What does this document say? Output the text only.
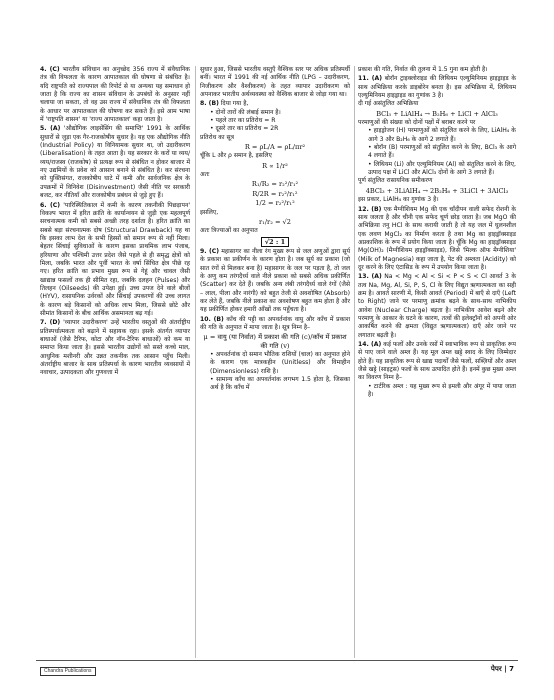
4. (C) भारतीय संविधान का अनुच्छेद 356 राज्य में संवैधानिक तंत्र की विफलता के कारण आपातकाल की घोषणा से संबंधित है। यदि राष्ट्रपति को राज्यपाल की रिपोर्ट से या अन्यथा यह समाधान हो जाता है कि राज्य का शासन संविधान के उपबंधों के अनुसार नहीं चलाया जा सकता, तो वह उस राज्य में संवैधानिक तंत्र की विफलता के आधार पर आपातकाल की घोषणा कर सकते हैं। इसे आम भाषा में 'राष्ट्रपति शासन' या 'राज्य आपातकाल' कहा जाता है।

5. (A) 'औद्योगिक लाइसेंसिंग की समाप्ति' 1991 के आर्थिक सुधारों से जुड़ा एक गैर-राजकोषीय सुधार है। यह एक औद्योगिक नीति (Industrial Policy) या विनियामक सुधार था, जो उदारीकरण (Liberalisation) के तहत आता है। यह सरकार के करों या व्यय/व्यय/राजस्व (राजकोष) से प्रत्यक्ष रूप से संबंधित न होकर बाजार में नए उद्यमियों के प्रवेश को आसान बनाने से संबंधित है। कर संरचना को युक्तिसंगत, राजकोषीय घाटे में कमी और सार्वजनिक क्षेत्र के उपक्रमों में विनिवेश (Disinvestment) जैसी नीति पर सरकारी बजट, कर नीतियाँ और राजकोषीय प्रबंधन से जुड़े हुए हैं।

6. (C) 'पारिस्थितिकाल में कमी के कारण तकनीकी पिछड़ापन' विकल्प भारत में हरित क्रांति के कार्यान्वयन से जुड़ी एक महत्वपूर्ण सरचनात्मक कमी को सबसे अच्छी तरह दर्शाता है। हरित क्रांति का सबसे बड़ा संरचनात्मक दोष (Structural Drawback) यह था कि इसका लाभ देश के सभी हिस्सों को समान रूप से नहीं मिला। बेहतर सिंचाई सुविधाओं के कारण इसका प्राथमिक लाभ पंजाब, हरियाणा और पश्चिमी उत्तर प्रदेश जैसे पहले से ही समृद्ध क्षेत्रों को मिला, जबकि भारत और पूर्वी भारत के वर्षा सिंचित क्षेत्र पीछे रह गए। हरित क्रांति का प्रभाव मुख्य रूप से गेहूं और चावल जैसी खाद्यान्न फसलों तक ही सीमित रहा, जबकि दलहन (Pulses) और तिलहन (Oilseeds) की उपेक्षा हुई। उच्च उपज देने वाले बीजों (HYV), रासायनिक उर्वरकों और सिंचाई उपकरणों की उच्च लागत के कारण बड़े किसानों को अधिक लाभ मिला, जिससे छोटे और सीमांत किसानों के बीच आर्थिक असमानता बढ़ गई।

7. (D) 'व्यापार उदारीकरण' उन्हें भारतीय वस्तुओं की अंतर्राष्ट्रीय प्रतिस्पर्धात्मकता को बढ़ाने में सहायक रहा। इसके अंतर्गत व्यापार बाधाओं (जैसे टैरिफ, कोटा और नॉन-टैरिफ बाधाओं) को कम या समाप्त किया जाता है। इससे भारतीय उद्योगों को सस्ते कच्चे माल, आधुनिक मशीनरी और उन्नत तकनीक तक आसान पहुँच मिली। अंतर्राष्ट्रीय बाजार के साथ प्रतिस्पर्धा के कारण भारतीय व्यवसायों में नवाचार, उत्पादकता और गुणवत्ता में

सुधार हुआ, जिससे भारतीय वस्तुएँ वैश्विक स्तर पर अधिक प्रतिस्पर्धी बनीं। भारत में 1991 की नई आर्थिक नीति (LPG – उदारीकरण, निजीकरण और वैश्वीकरण) के तहत व्यापार उदारीकरण को अपनाकर भारतीय अर्थव्यवस्था को वैश्विक बाजार से जोड़ा गया था।

8. (B) दिया गया है,
• दोनों तारों की लंबाई समान है।
• पहले तार का प्रतिरोध = R
• दूसरे तार का प्रतिरोध = 2R
प्रतिरोध का सूत्र
R = ρL/A = ρL/πr²
चूँकि L और ρ समान है, इसलिए
R ∝ 1/r²
अतः
R₁/R₂ = r₂²/r₁²
R/2R = r₂²/r₁²
1/2 = r₂²/r₁²
इसलिए,
r₁/r₂ = √2
अतः त्रिज्याओं का अनुपात
√2 : 1

9. (C) महासागर का नीला रंग मुख्य रूप से जल अणुओं द्वारा सूर्य के प्रकाश का प्रकीर्णन के कारण होता है। जब सूर्य का प्रकाश (जो सात रंगों से मिलकर बना है) महासागर के जल पर पड़ता है, तो जल के अणु कम तरंगदैर्ध्य वाले नीले प्रकाश को सबसे अधिक प्रकीर्णित (Scatter) कर देते हैं। जबकि अन्य लंबी तरंगदैर्ध्य वाले रंगों (जैसे – लाल, पीला और नारंगी) को बहुत तेजी से अवशोषित (Absorb) कर लेते हैं, जबकि नीले प्रकाश का अवशोषण बहुत कम होता है और यह प्रकीर्णित होकर हमारी आँखों तक पहुँचता है।

10. (B) काँच की पट्टी का अपवर्तनांक वायु और काँच में प्रकाश की गति के अनुपात में मापा जाता है। सूत्र निम्न है–
μ = वायु (या निर्वात) में प्रकाश की गति (c)/काँच में प्रकाश की गति (v)
• अपवर्तनांक दो समान भौतिक राशियों (चाल) का अनुपात होने के कारण एक मात्रकहीन (Unitless) और विमाहीन (Dimensionless) राशि है।
• सामान्य काँच का अपवर्तनांक लगभग 1.5 होता है, जिसका अर्थ है कि काँच में

प्रकाश की गति, निर्वात की तुलना में 1.5 गुना कम होती है।

11. (A) बोरॉन ट्राइक्लोराइड की लिथियम एल्युमिनियम हाइड्राइड के साथ अभिक्रिया करके डाइबोरेन बनता है। इस अभिक्रिया में, लिथियम एल्युमिनियम हाइड्राइड का गुणांक 3 है।
दी गई असंतुलित अभिक्रिया
BCl₃ + LiAlH₄ → B₂H₆ + LiCl + AlCl₃
परमाणुओं की संख्या को दोनों पक्षों में बराबर करने पर
• हाइड्रोजन (H) परमाणुओं को संतुलित करने के लिए, LiAlH₄ के आगे 3 और B₂H₆ के आगे 2 लगाते हैं।
• बोरॉन (B) परमाणुओं को संतुलित करने के लिए, BCl₃ के आगे 4 लगाते हैं।
• लिथियम (Li) और एल्युमिनियम (Al) को संतुलित करने के लिए, उत्पाद पक्ष में LiCl और AlCl₃ दोनों के आगे 3 लगाते हैं।
पूर्ण संतुलित रासायनिक समीकरण
4BCl₃ + 3LiAlH₄ → 2B₂H₆ + 3LiCl + 3AlCl₃
इस प्रकार, LiAlH₄ का गुणांक 3 है।

12. (B) एक मैग्नीशियम Mg की एक चाँदीपन वाली सफेद रोशनी के साथ जलता है और चीनी एक सफेद चूर्ण छोड़ जाता है। जब MgO की अभिक्रिया तनु HCl के साथ करायी जाती है तो यह जल में घुलनशील एक लवण MgCl₂ का निर्माण करता है तथा Mg का हाइड्रॉक्साइड अप्रकाशिक के रूप में प्रयोग किया जाता है। चूँकि Mg का हाइड्रॉक्साइड Mg(OH)₂ (मैग्नीशियम हाइड्रॉक्साइड), जिसे 'मिल्क ऑफ मैग्नीशिया' (Milk of Magnesia) कहा जाता है, पेट की अम्लता (Acidity) को दूर करने के लिए एंटासिड के रूप में उपयोग किया जाता है।

13. (A) Na < Mg < Al < Si < P < S < Cl आवर्त 3 के तत्व Na, Mg, Al, Si, P, S, Cl के लिए विद्युत ऋणात्मकता का सही क्रम है। आवर्त सारणी में, किसी आवर्त (Period) में बाएँ से दाएँ (Left to Right) जाने पर परमाणु क्रमांक बढ़ने के साथ-साथ नाभिकीय आवेश (Nuclear Charge) बढ़ता है। नाभिकीय आवेश बढ़ने और परमाणु के आकार के घटने के कारण, तत्वों की इलेक्ट्रॉनों को अपनी ओर आकर्षित करने की क्षमता (विद्युत ऋणात्मकता) दाएँ ओर जाने पर लगातार बढ़ती है।

14. (A) कई फलों और उनके रसों में स्वाभाविक रूप से प्राकृतिक रूप से पाए जाने वाले अम्ल हैं। यह मूल अम्ल खट्टे स्वाद के लिए जिम्मेदार होते हैं। यह प्राकृतिक रूप से खाद्य पदार्थों जैसे फलों, सब्ज़ियों और अम्ल जैसे खट्टे (साइट्रस) फलों के साथ उत्पादित होते हैं। इनमें कुछ मुख्य अम्ल का विवरण निम्न है–
• टार्टरिक अम्ल : यह मुख्य रूप से इमली और अंगूर में पाया जाता है।
Chandra Publications	पेपर | 7
